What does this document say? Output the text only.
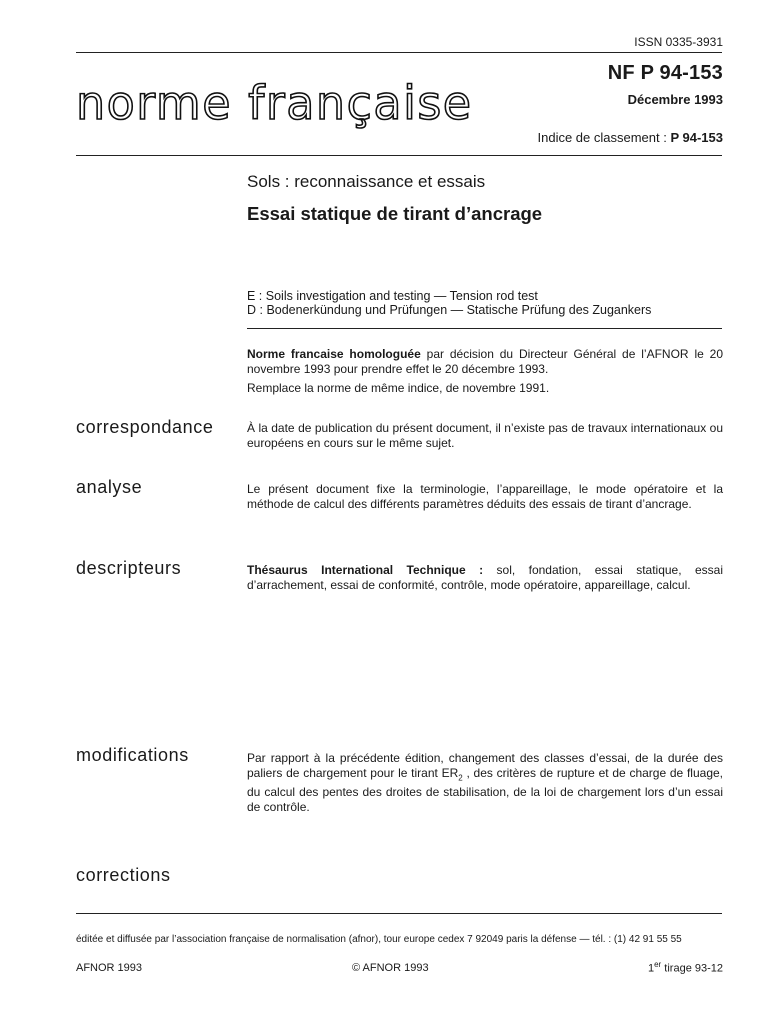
ISSN 0335-3931
norme française
NF P 94-153
Décembre 1993
Indice de classement : P 94-153
Sols : reconnaissance et essais
Essai statique de tirant d’ancrage
E : Soils investigation and testing — Tension rod test
D : Bodenerkündung und Prüfungen — Statische Prüfung des Zugankers
Norme francaise homologuée par décision du Directeur Général de l’AFNOR le 20 novembre 1993 pour prendre effet le 20 décembre 1993.
Remplace la norme de même indice, de novembre 1991.
correspondance	À la date de publication du présent document, il n’existe pas de travaux internationaux ou européens en cours sur le même sujet.
analyse	Le présent document fixe la terminologie, l’appareillage, le mode opératoire et la méthode de calcul des différents paramètres déduits des essais de tirant d’ancrage.
descripteurs	Thésaurus International Technique : sol, fondation, essai statique, essai d’arrachement, essai de conformité, contrôle, mode opératoire, appareillage, calcul.
modifications	Par rapport à la précédente édition, changement des classes d’essai, de la durée des paliers de chargement pour le tirant $ER_2$ , des critères de rupture et de charge de fluage, du calcul des pentes des droites de stabilisation, de la loi de chargement lors d’un essai de contrôle.
corrections
éditée et diffusée par l’association française de normalisation (afnor), tour europe cedex 7 92049 paris la défense — tél. : (1) 42 91 55 55
AFNOR 1993	© AFNOR 1993	1er tirage 93-12
